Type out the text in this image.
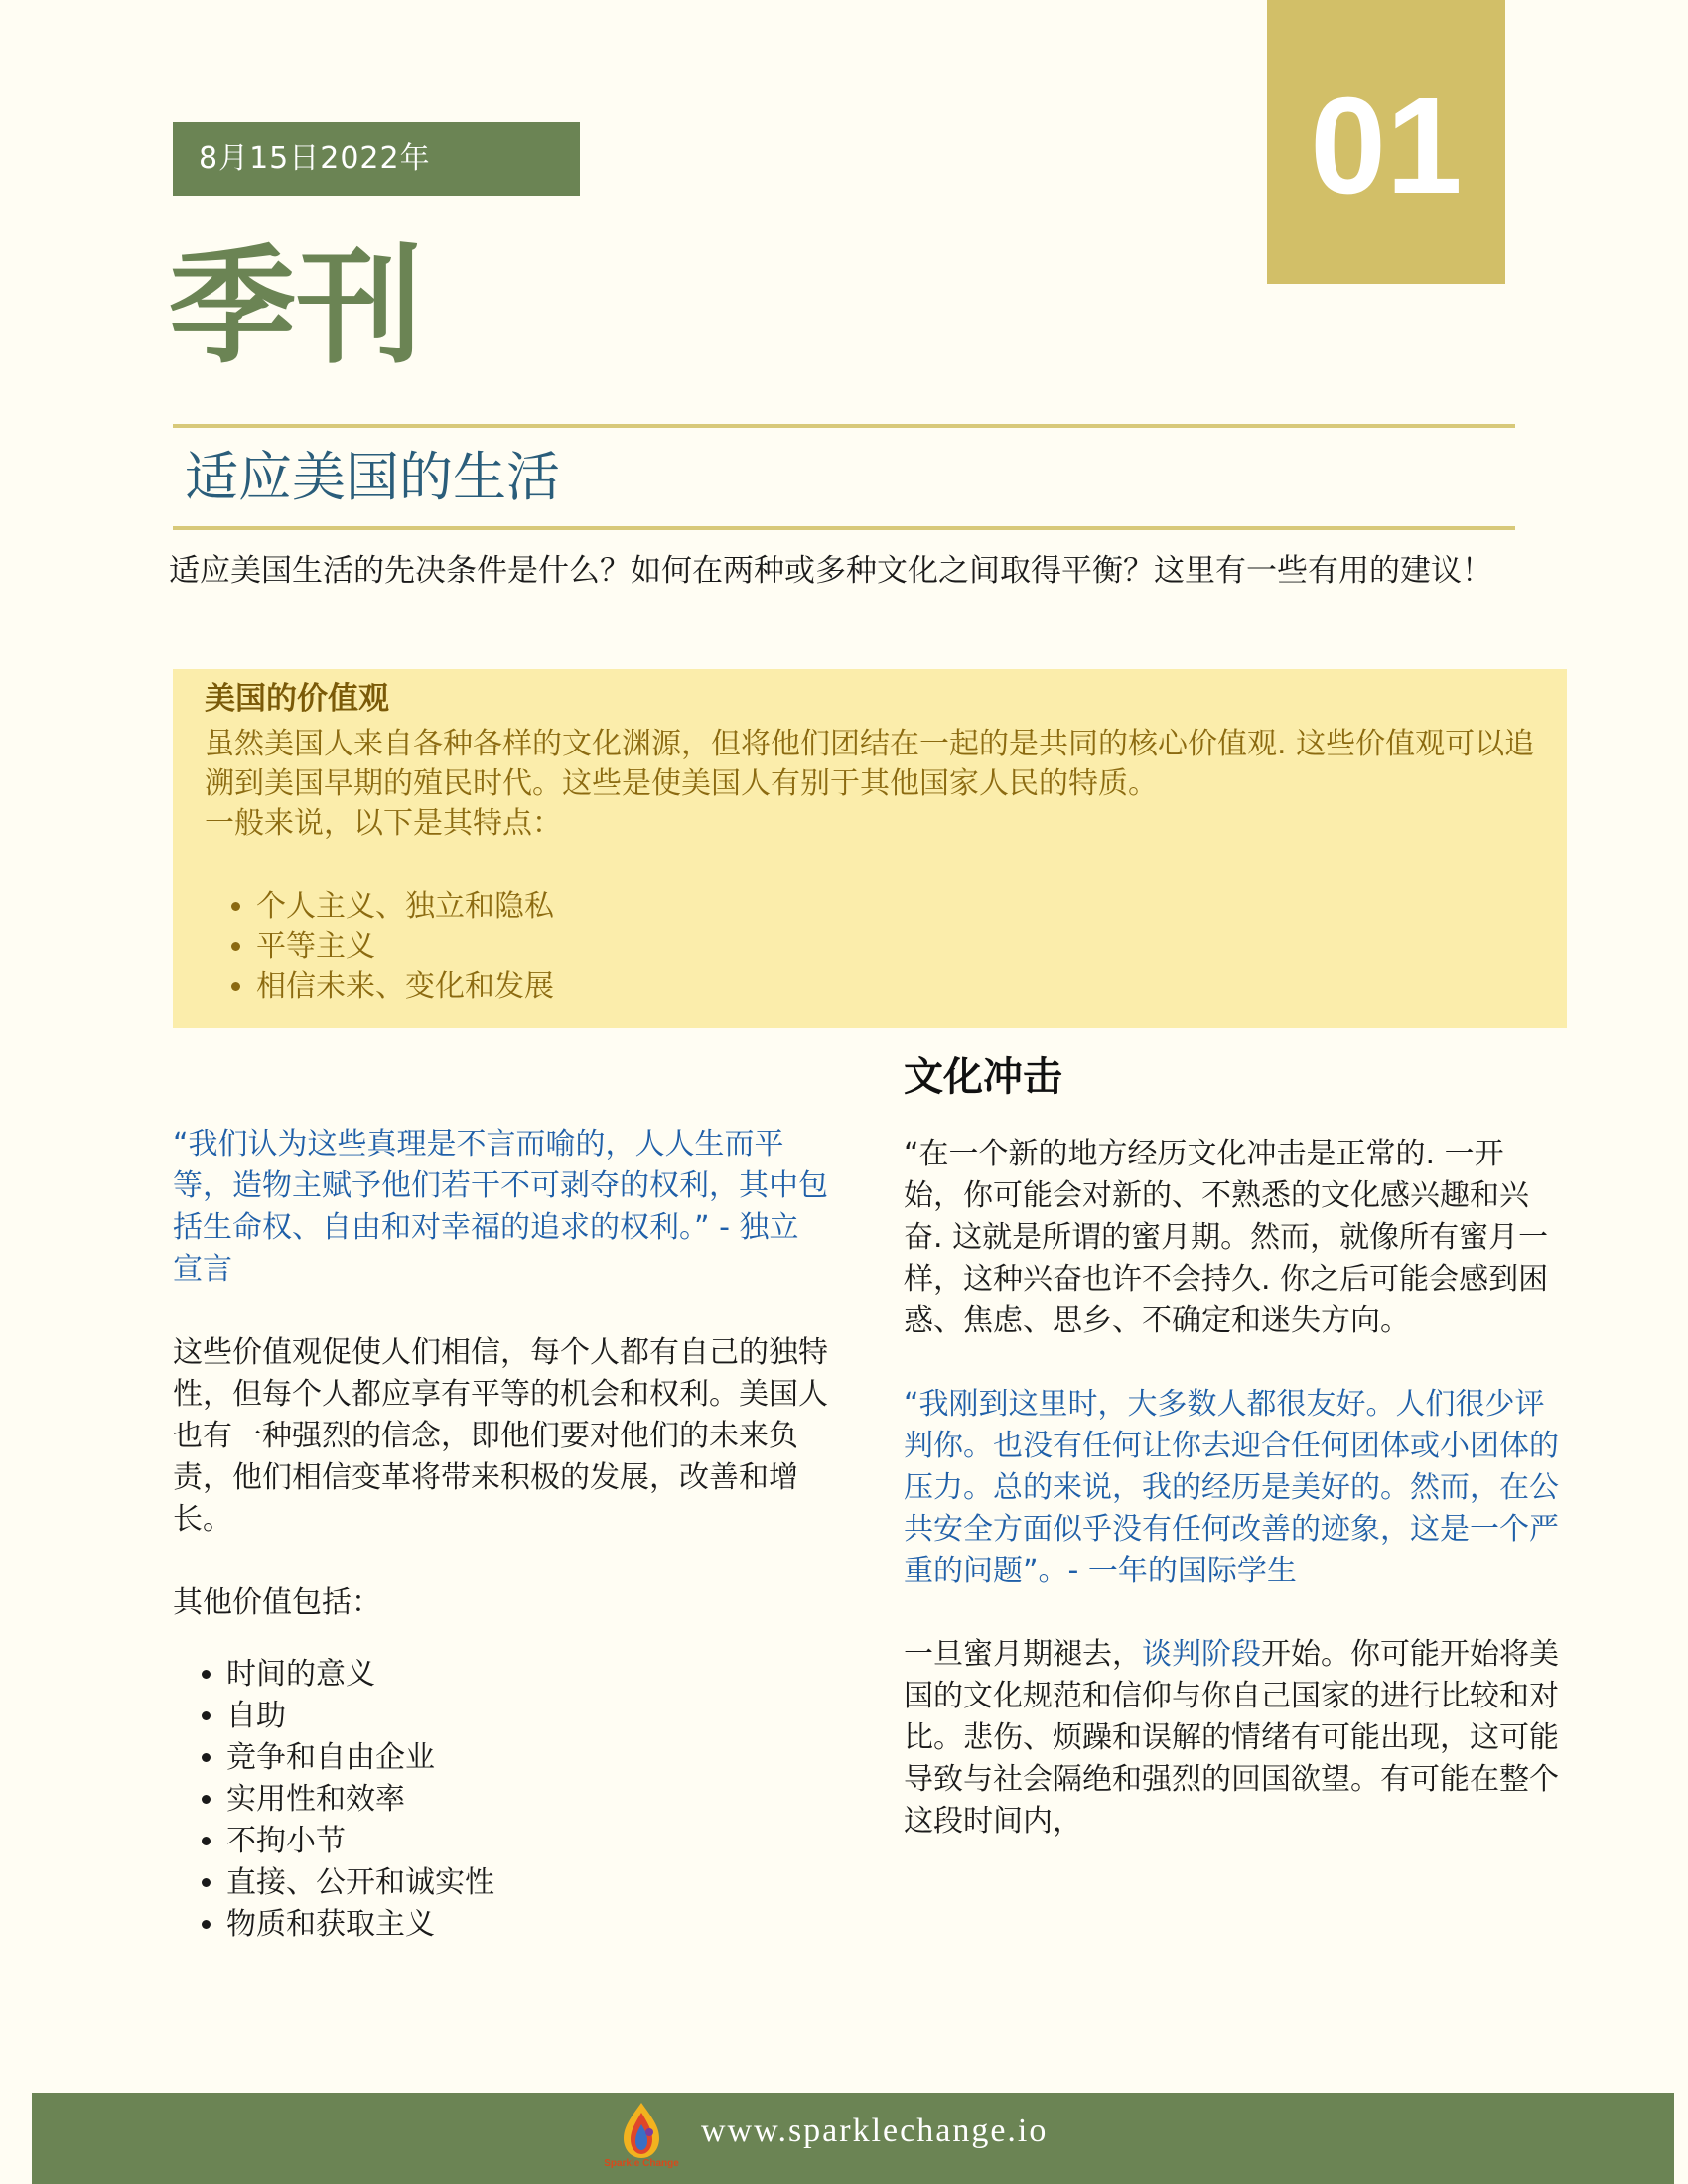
8月15日2022年	01
季刊
适应美国的生活
适应美国生活的先决条件是什么？如何在两种或多种文化之间取得平衡？这里有一些有用的建议！
美国的价值观

虽然美国人来自各种各样的文化渊源，但将他们团结在一起的是共同的核心价值观. 这些价值观可以追溯到美国早期的殖民时代。这些是使美国人有别于其他国家人民的特质。

一般来说，以下是其特点：

• 个人主义、独立和隐私
• 平等主义
• 相信未来、变化和发展

“我们认为这些真理是不言而喻的，人人生而平等，造物主赋予他们若干不可剥夺的权利，其中包括生命权、自由和对幸福的追求的权利。” - 独立宣言

这些价值观促使人们相信，每个人都有自己的独特性，但每个人都应享有平等的机会和权利。美国人也有一种强烈的信念，即他们要对他们的未来负责，他们相信变革将带来积极的发展，改善和增长。

其他价值包括：

• 时间的意义
• 自助
• 竞争和自由企业
• 实用性和效率
• 不拘小节
• 直接、公开和诚实性
• 物质和获取主义
文化冲击

“在一个新的地方经历文化冲击是正常的. 一开始，你可能会对新的、不熟悉的文化感兴趣和兴奋. 这就是所谓的蜜月期。然而，就像所有蜜月一样，这种兴奋也许不会持久. 你之后可能会感到困惑、焦虑、思乡、不确定和迷失方向。

“我刚到这里时，大多数人都很友好。人们很少评判你。也没有任何让你去迎合任何团体或小团体的压力。总的来说，我的经历是美好的。然而，在公共安全方面似乎没有任何改善的迹象，这是一个严重的问题”。- 一年的国际学生

一旦蜜月期褪去，谈判阶段开始。你可能开始将美国的文化规范和信仰与你自己国家的进行比较和对比。悲伤、烦躁和误解的情绪有可能出现，这可能导致与社会隔绝和强烈的回国欲望。有可能在整个这段时间内，

Sparkle Change
www.sparklechange.io
